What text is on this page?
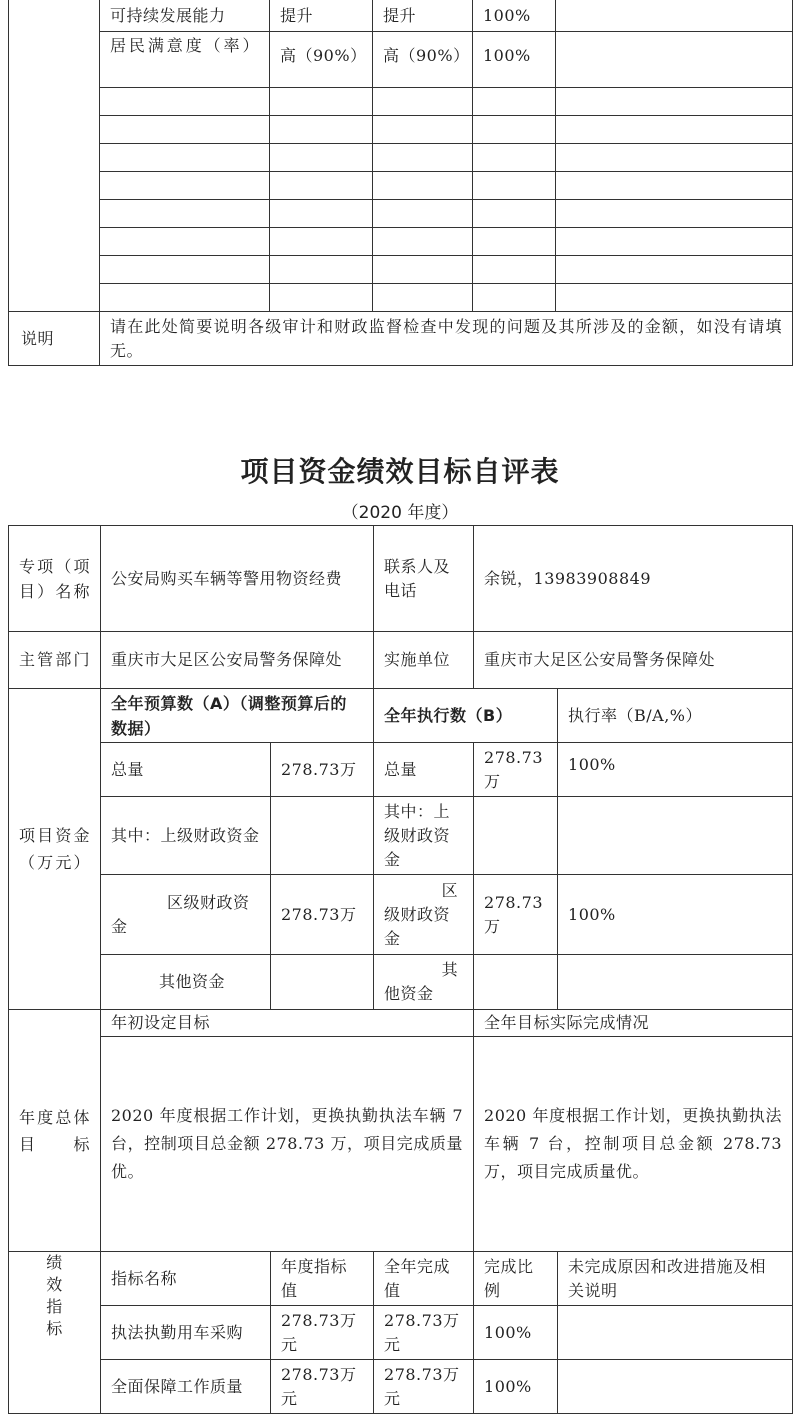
	可持续发展能力	提升	提升	100%	
	居民满意度（率）	高（90%）	高（90%）	100%	

说明	请在此处简要说明各级审计和财政监督检查中发现的问题及其所涉及的金额，如没有请填无。				
项目资金绩效目标自评表
（2020 年度）
专项（项目）名称	公安局购买车辆等警用物资经费		联系人及电话	余锐，13983908849	
主管部门	重庆市大足区公安局警务保障处		实施单位	重庆市大足区公安局警务保障处	
项目资金（万元）	全年预算数（A）（调整预算后的数据）		全年执行数（B）		执行率（B/A,%）
	总量	278.73万	总量	278.73万	100%
	其中：上级财政资金		其中：上级财政资金		
	区级财政资金	278.73万	区级财政资金	278.73万	100%
	其他资金		其他资金		
年度总体目标	年初设定目标			全年目标实际完成情况	
	2020 年度根据工作计划，更换执勤执法车辆 7 台，控制项目总金额 278.73 万，项目完成质量优。			2020 年度根据工作计划，更换执勤执法车辆 7 台，控制项目总金额 278.73 万，项目完成质量优。	

绩效指标	指标名称	年度指标值	全年完成值	完成比例	未完成原因和改进措施及相关说明
	执法执勤用车采购	278.73万元	278.73万元	100%	
	全面保障工作质量	278.73万元	278.73万元	100%	
